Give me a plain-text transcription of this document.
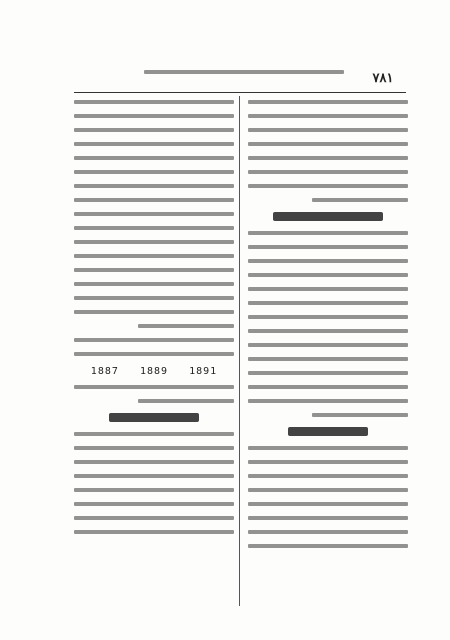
٧٨١
1887 1889 1891
